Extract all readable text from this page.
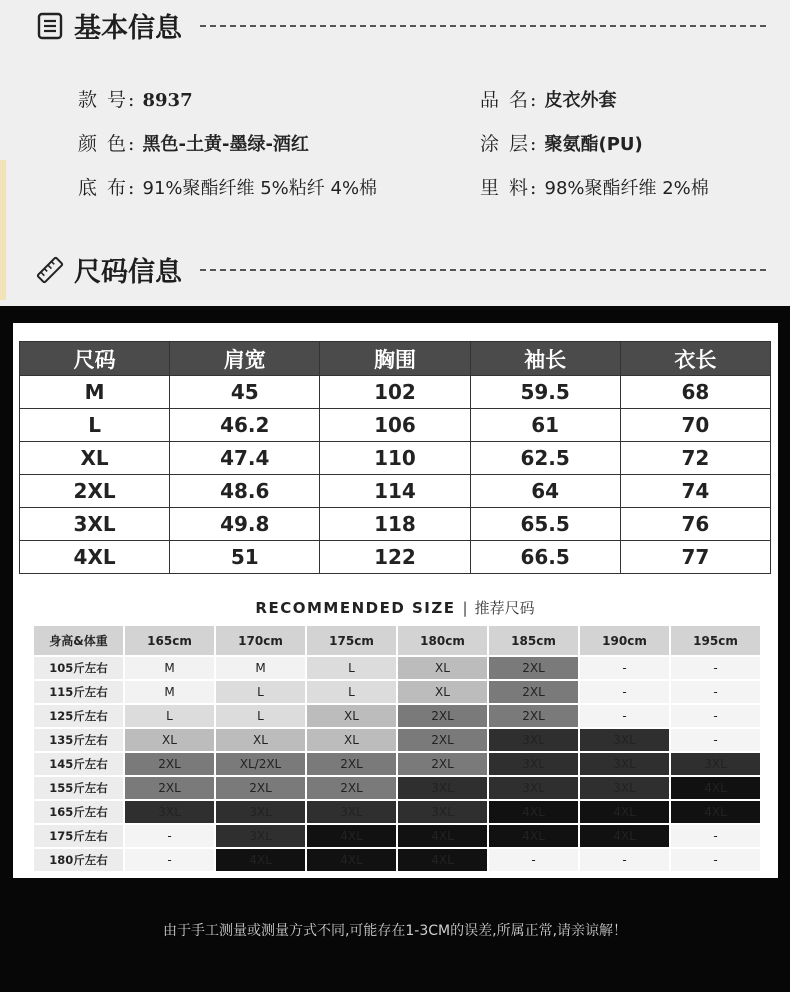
基本信息
款 号: 8937	品 名: 皮衣外套
颜 色: 黑色-土黄-墨绿-酒红	涂 层: 聚氨酯(PU)
底 布: 91%聚酯纤维 5%粘纤 4%棉	里 料: 98%聚酯纤维 2%棉
尺码信息
尺码	肩宽	胸围	袖长	衣长
M	45	102	59.5	68
L	46.2	106	61	70
XL	47.4	110	62.5	72
2XL	48.6	114	64	74
3XL	49.8	118	65.5	76
4XL	51	122	66.5	77
RECOMMENDED SIZE | 推荐尺码
身高&体重	165cm	170cm	175cm	180cm	185cm	190cm	195cm
105斤左右	M	M	L	XL	2XL	-	-
115斤左右	M	L	L	XL	2XL	-	-
125斤左右	L	L	XL	2XL	2XL	-	-
135斤左右	XL	XL	XL	2XL	3XL	3XL	-
145斤左右	2XL	XL/2XL	2XL	2XL	3XL	3XL	3XL
155斤左右	2XL	2XL	2XL	3XL	3XL	3XL	4XL
165斤左右	3XL	3XL	3XL	3XL	4XL	4XL	4XL
175斤左右	-	3XL	4XL	4XL	4XL	4XL	-
180斤左右	-	4XL	4XL	4XL	-	-	-
由于手工测量或测量方式不同,可能存在1-3CM的误差,所属正常,请亲谅解！
